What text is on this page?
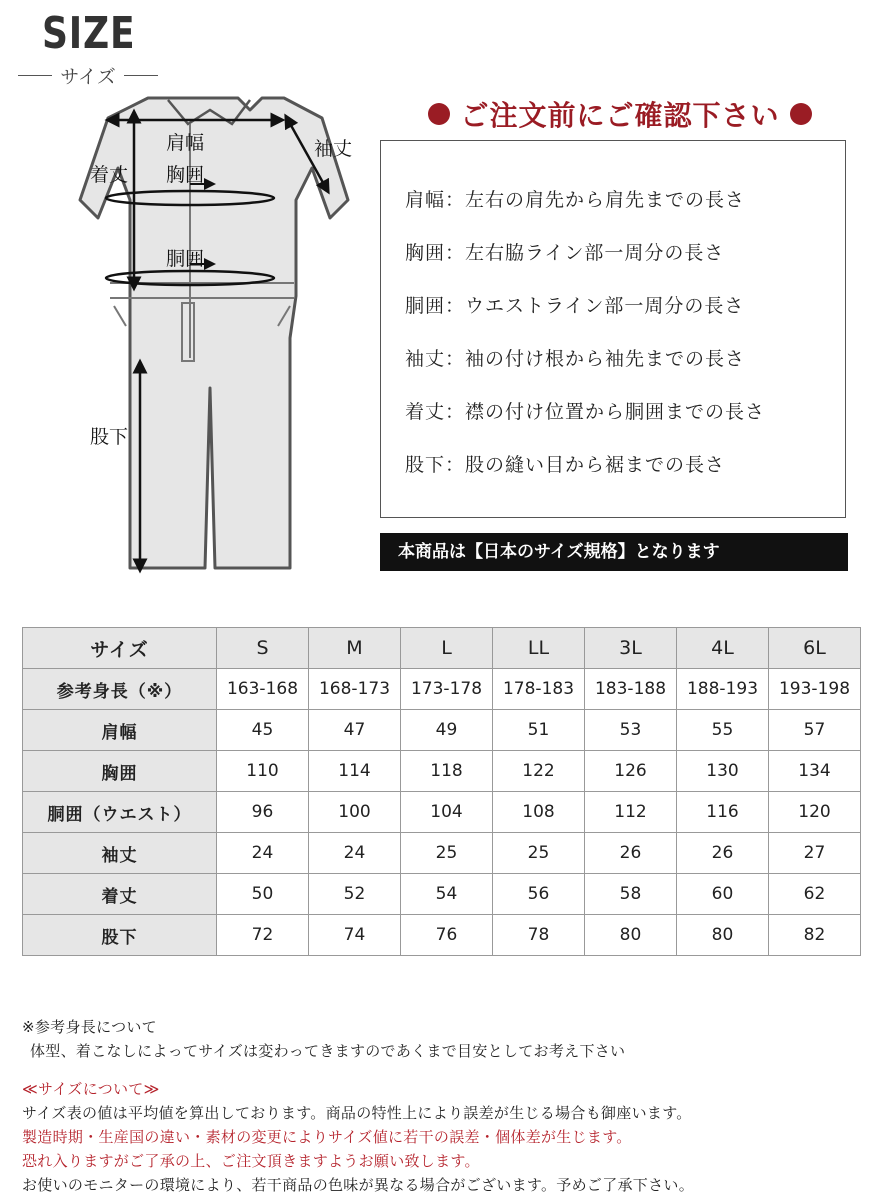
SIZE
サイズ
肩幅	袖丈
着丈 胸囲
胴囲
股下
ご注文前にご確認下さい
肩幅：左右の肩先から肩先までの長さ
胸囲：左右脇ライン部一周分の長さ
胴囲：ウエストライン部一周分の長さ
袖丈：袖の付け根から袖先までの長さ
着丈：襟の付け位置から胴囲までの長さ
股下：股の縫い目から裾までの長さ
本商品は【日本のサイズ規格】となります
サイズ	S	M	L	LL	3L	4L	6L
参考身長（※）	163-168	168-173	173-178	178-183	183-188	188-193	193-198
肩幅	45	47	49	51	53	55	57
胸囲	110	114	118	122	126	130	134
胴囲（ウエスト）	96	100	104	108	112	116	120
袖丈	24	24	25	25	26	26	27
着丈	50	52	54	56	58	60	62
股下	72	74	76	78	80	80	82
※参考身長について
体型、着こなしによってサイズは変わってきますのであくまで目安としてお考え下さい
≪サイズについて≫
サイズ表の値は平均値を算出しております。商品の特性上により誤差が生じる場合も御座います。
製造時期・生産国の違い・素材の変更によりサイズ値に若干の誤差・個体差が生じます。
恐れ入りますがご了承の上、ご注文頂きますようお願い致します。
お使いのモニターの環境により、若干商品の色味が異なる場合がございます。予めご了承下さい。
